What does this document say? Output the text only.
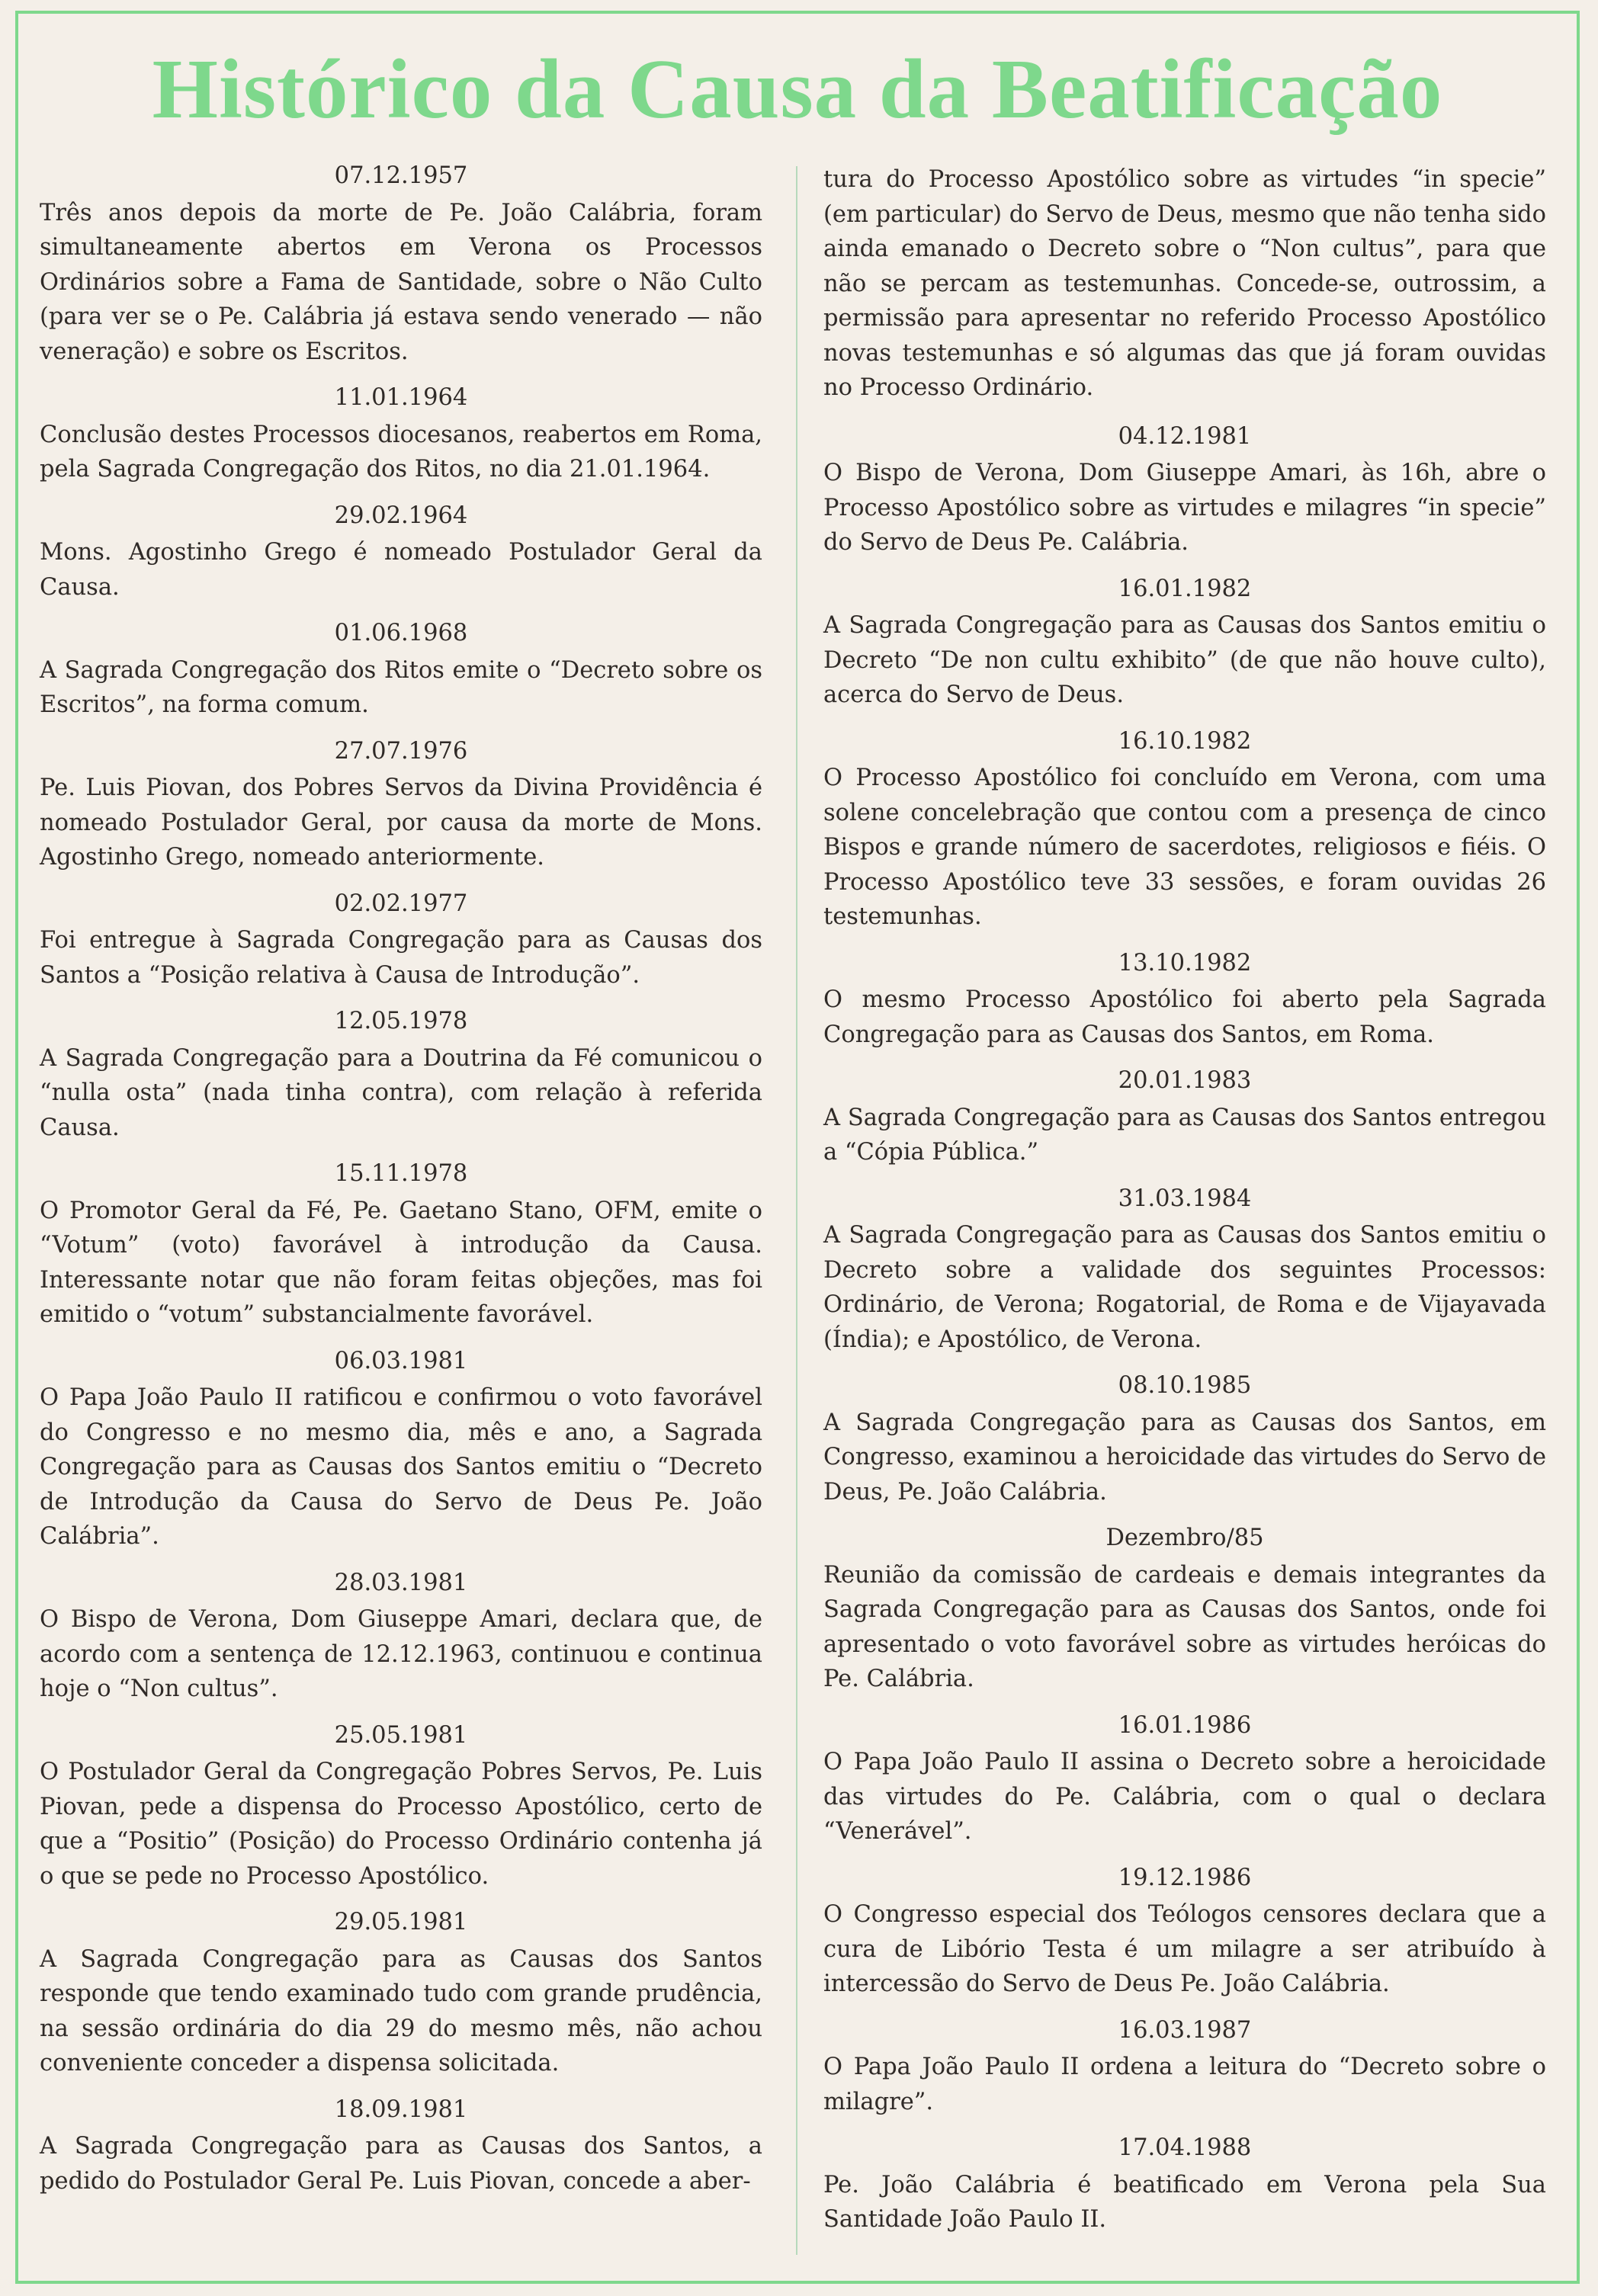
Histórico da Causa da Beatificação
07.12.1957

Três anos depois da morte de Pe. João Calábria, foram simultaneamente abertos em Verona os Processos Ordinários sobre a Fama de Santidade, sobre o Não Culto (para ver se o Pe. Calábria já estava sendo venerado — não veneração) e sobre os Escritos.

11.01.1964

Conclusão destes Processos diocesanos, reabertos em Roma, pela Sagrada Congregação dos Ritos, no dia 21.01.1964.

29.02.1964

Mons. Agostinho Grego é nomeado Postulador Geral da Causa.

01.06.1968

A Sagrada Congregação dos Ritos emite o “Decreto sobre os Escritos”, na forma comum.

27.07.1976

Pe. Luis Piovan, dos Pobres Servos da Divina Providência é nomeado Postulador Geral, por causa da morte de Mons. Agostinho Grego, nomeado anteriormente.

02.02.1977

Foi entregue à Sagrada Congregação para as Causas dos Santos a “Posição relativa à Causa de Introdução”.

12.05.1978

A Sagrada Congregação para a Doutrina da Fé comunicou o “nulla osta” (nada tinha contra), com relação à referida Causa.

15.11.1978

O Promotor Geral da Fé, Pe. Gaetano Stano, OFM, emite o “Votum” (voto) favorável à introdução da Causa. Interessante notar que não foram feitas objeções, mas foi emitido o “votum” substancialmente favorável.

06.03.1981

O Papa João Paulo II ratificou e confirmou o voto favorável do Congresso e no mesmo dia, mês e ano, a Sagrada Congregação para as Causas dos Santos emitiu o “Decreto de Introdução da Causa do Servo de Deus Pe. João Calábria”.

28.03.1981

O Bispo de Verona, Dom Giuseppe Amari, declara que, de acordo com a sentença de 12.12.1963, continuou e continua hoje o “Non cultus”.

25.05.1981

O Postulador Geral da Congregação Pobres Servos, Pe. Luis Piovan, pede a dispensa do Processo Apostólico, certo de que a “Positio” (Posição) do Processo Ordinário contenha já o que se pede no Processo Apostólico.

29.05.1981

A Sagrada Congregação para as Causas dos Santos responde que tendo examinado tudo com grande prudência, na sessão ordinária do dia 29 do mesmo mês, não achou conveniente conceder a dispensa solicitada.

18.09.1981

A Sagrada Congregação para as Causas dos Santos, a pedido do Postulador Geral Pe. Luis Piovan, concede a aber-

tura do Processo Apostólico sobre as virtudes “in specie” (em particular) do Servo de Deus, mesmo que não tenha sido ainda emanado o Decreto sobre o “Non cultus”, para que não se percam as testemunhas. Concede-se, outrossim, a permissão para apresentar no referido Processo Apostólico novas testemunhas e só algumas das que já foram ouvidas no Processo Ordinário.

04.12.1981

O Bispo de Verona, Dom Giuseppe Amari, às 16h, abre o Processo Apostólico sobre as virtudes e milagres “in specie” do Servo de Deus Pe. Calábria.

16.01.1982

A Sagrada Congregação para as Causas dos Santos emitiu o Decreto “De non cultu exhibito” (de que não houve culto), acerca do Servo de Deus.

16.10.1982

O Processo Apostólico foi concluído em Verona, com uma solene concelebração que contou com a presença de cinco Bispos e grande número de sacerdotes, religiosos e fiéis. O Processo Apostólico teve 33 sessões, e foram ouvidas 26 testemunhas.

13.10.1982

O mesmo Processo Apostólico foi aberto pela Sagrada Congregação para as Causas dos Santos, em Roma.

20.01.1983

A Sagrada Congregação para as Causas dos Santos entregou a “Cópia Pública.”

31.03.1984

A Sagrada Congregação para as Causas dos Santos emitiu o Decreto sobre a validade dos seguintes Processos: Ordinário, de Verona; Rogatorial, de Roma e de Vijayavada (Índia); e Apostólico, de Verona.

08.10.1985

A Sagrada Congregação para as Causas dos Santos, em Congresso, examinou a heroicidade das virtudes do Servo de Deus, Pe. João Calábria.

Dezembro/85

Reunião da comissão de cardeais e demais integrantes da Sagrada Congregação para as Causas dos Santos, onde foi apresentado o voto favorável sobre as virtudes heróicas do Pe. Calábria.

16.01.1986

O Papa João Paulo II assina o Decreto sobre a heroicidade das virtudes do Pe. Calábria, com o qual o declara “Venerável”.

19.12.1986

O Congresso especial dos Teólogos censores declara que a cura de Libório Testa é um milagre a ser atribuído à intercessão do Servo de Deus Pe. João Calábria.

16.03.1987

O Papa João Paulo II ordena a leitura do “Decreto sobre o milagre”.

17.04.1988

Pe. João Calábria é beatificado em Verona pela Sua Santidade João Paulo II.
